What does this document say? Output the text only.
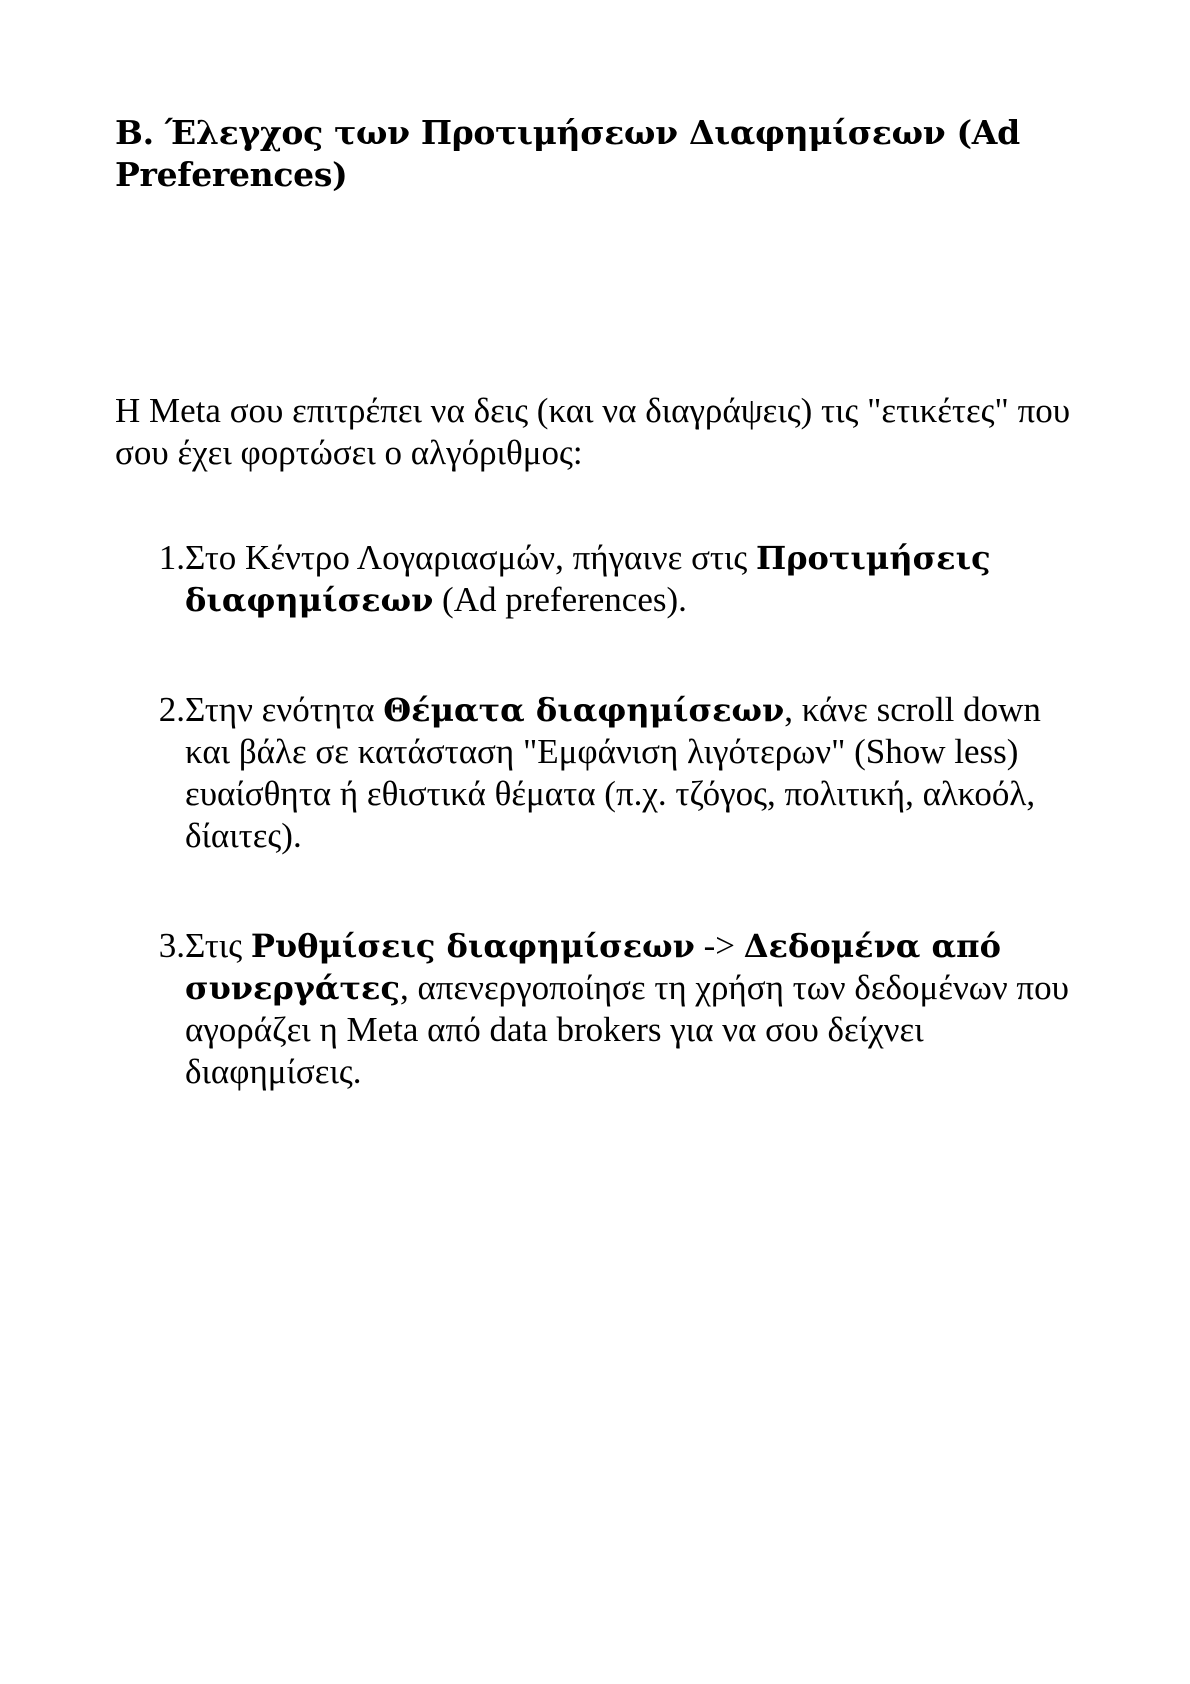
B. Έλεγχος των Προτιμήσεων Διαφημίσεων (Ad Preferences)

Η Meta σου επιτρέπει να δεις (και να διαγράψεις) τις "ετικέτες" που σου έχει φορτώσει ο αλγόριθμος:

1. Στο Κέντρο Λογαριασμών, πήγαινε στις Προτιμήσεις διαφημίσεων (Ad preferences).
2. Στην ενότητα Θέματα διαφημίσεων, κάνε scroll down και βάλε σε κατάσταση "Εμφάνιση λιγότερων" (Show less) ευαίσθητα ή εθιστικά θέματα (π.χ. τζόγος, πολιτική, αλκοόλ, δίαιτες).
3. Στις Ρυθμίσεις διαφημίσεων -> Δεδομένα από συνεργάτες, απενεργοποίησε τη χρήση των δεδομένων που αγοράζει η Meta από data brokers για να σου δείχνει διαφημίσεις.
